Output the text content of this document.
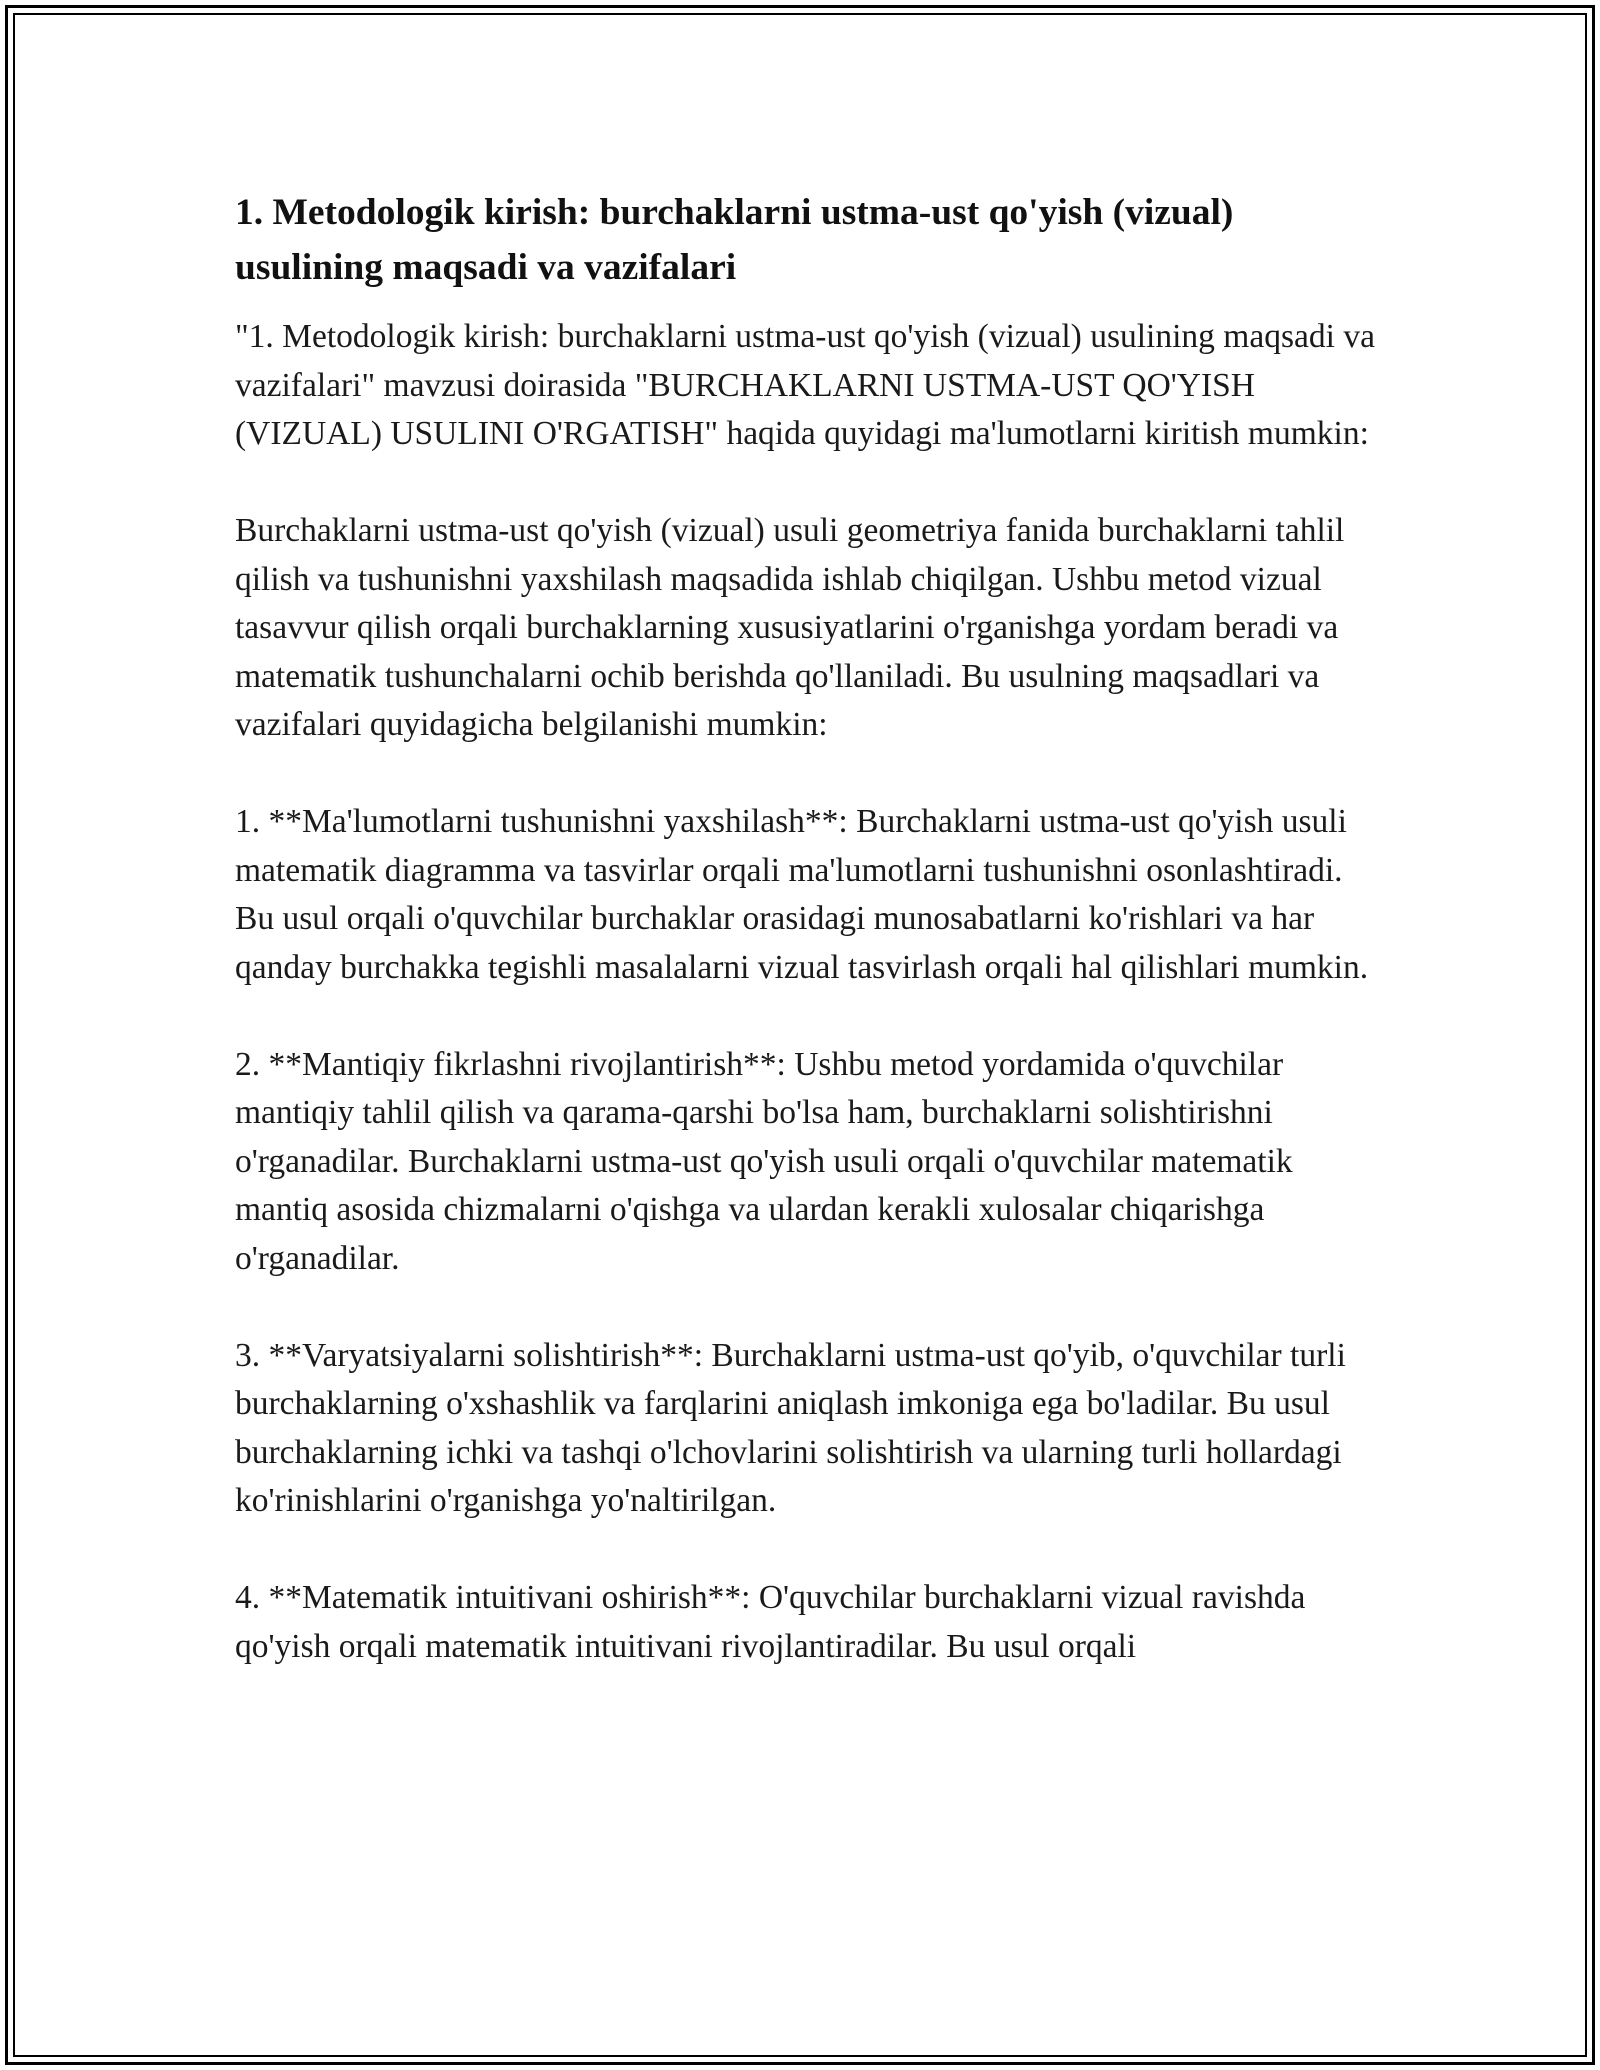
1. Metodologik kirish: burchaklarni ustma-ust qo'yish (vizual) usulining maqsadi va vazifalari

"1. Metodologik kirish: burchaklarni ustma-ust qo'yish (vizual) usulining maqsadi va vazifalari" mavzusi doirasida "BURCHAKLARNI USTMA-UST QO'YISH (VIZUAL) USULINI O'RGATISH" haqida quyidagi ma'lumotlarni kiritish mumkin:

Burchaklarni ustma-ust qo'yish (vizual) usuli geometriya fanida burchaklarni tahlil qilish va tushunishni yaxshilash maqsadida ishlab chiqilgan. Ushbu metod vizual tasavvur qilish orqali burchaklarning xususiyatlarini o'rganishga yordam beradi va matematik tushunchalarni ochib berishda qo'llaniladi. Bu usulning maqsadlari va vazifalari quyidagicha belgilanishi mumkin:

1. **Ma'lumotlarni tushunishni yaxshilash**: Burchaklarni ustma-ust qo'yish usuli matematik diagramma va tasvirlar orqali ma'lumotlarni tushunishni osonlashtiradi. Bu usul orqali o'quvchilar burchaklar orasidagi munosabatlarni ko'rishlari va har qanday burchakka tegishli masalalarni vizual tasvirlash orqali hal qilishlari mumkin.

2. **Mantiqiy fikrlashni rivojlantirish**: Ushbu metod yordamida o'quvchilar mantiqiy tahlil qilish va qarama-qarshi bo'lsa ham, burchaklarni solishtirishni o'rganadilar. Burchaklarni ustma-ust qo'yish usuli orqali o'quvchilar matematik mantiq asosida chizmalarni o'qishga va ulardan kerakli xulosalar chiqarishga o'rganadilar.

3. **Varyatsiyalarni solishtirish**: Burchaklarni ustma-ust qo'yib, o'quvchilar turli burchaklarning o'xshashlik va farqlarini aniqlash imkoniga ega bo'ladilar. Bu usul burchaklarning ichki va tashqi o'lchovlarini solishtirish va ularning turli hollardagi ko'rinishlarini o'rganishga yo'naltirilgan.

4. **Matematik intuitivani oshirish**: O'quvchilar burchaklarni vizual ravishda qo'yish orqali matematik intuitivani rivojlantiradilar. Bu usul orqali
